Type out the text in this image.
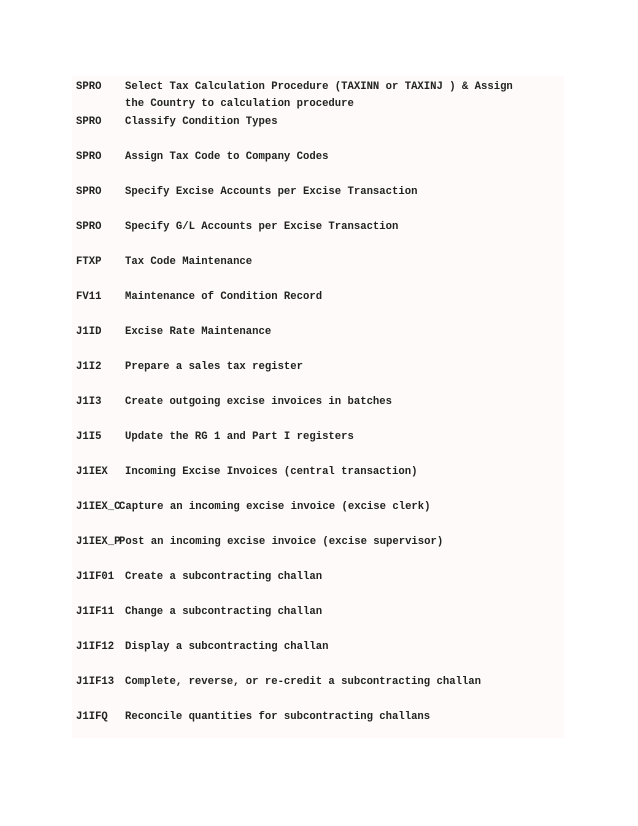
SPRO

Select Tax Calculation Procedure (TAXINN or TAXINJ ) & Assign

the Country to calculation procedure

SPRO

Classify Condition Types

SPRO

Assign Tax Code to Company Codes

SPRO

Specify Excise Accounts per Excise Transaction

SPRO

Specify G/L Accounts per Excise Transaction

FTXP

Tax Code Maintenance

FV11

Maintenance of Condition Record

J1ID

Excise Rate Maintenance

J1I2

Prepare a sales tax register

J1I3

Create outgoing excise invoices in batches

J1I5

Update the RG 1 and Part I registers

J1IEX

Incoming Excise Invoices (central transaction)

J1IEX_C

Capture an incoming excise invoice (excise clerk)

J1IEX_P

Post an incoming excise invoice (excise supervisor)

J1IF01

Create a subcontracting challan

J1IF11

Change a subcontracting challan

J1IF12

Display a subcontracting challan

J1IF13

Complete, reverse, or re-credit a subcontracting challan

J1IFQ

Reconcile quantities for subcontracting challans
